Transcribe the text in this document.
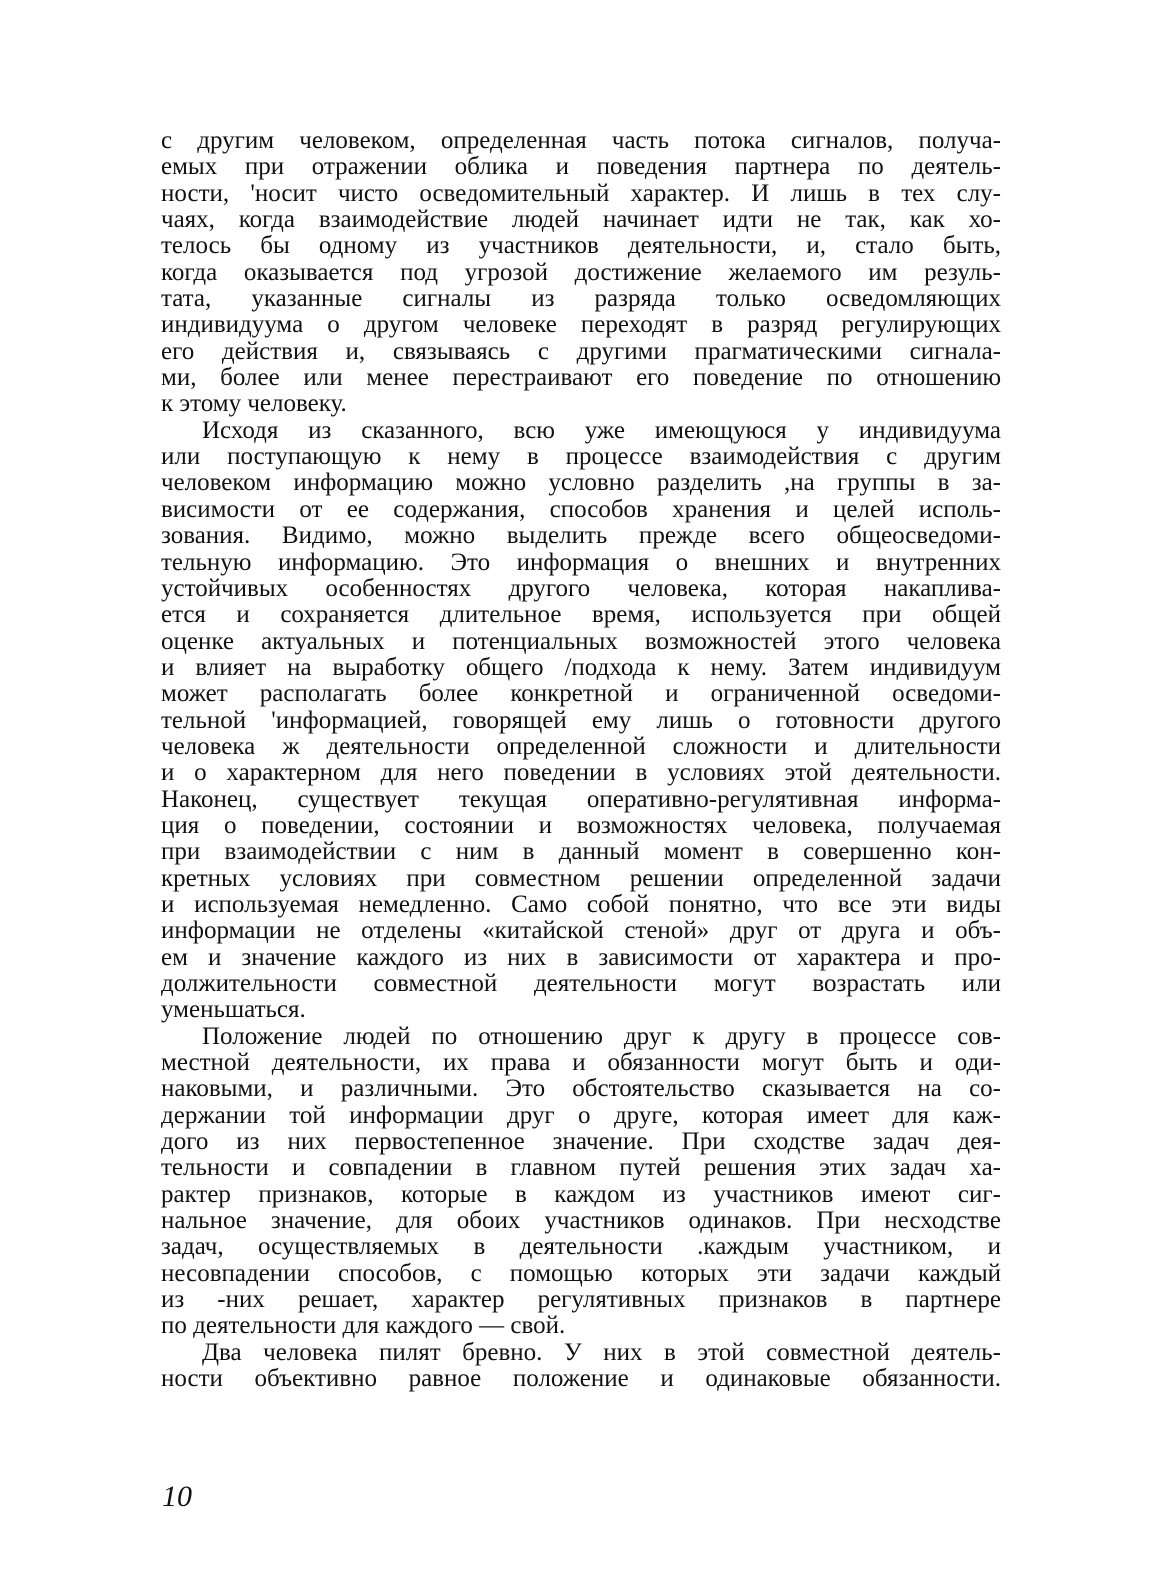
с другим человеком, определенная часть потока сигналов, получа-
емых при отражении облика и поведения партнера по деятель-
ности, 'носит чисто осведомительный характер. И лишь в тех слу-
чаях, когда взаимодействие людей начинает идти не так, как хо-
телось бы одному из участников деятельности, и, стало быть,
когда оказывается под угрозой достижение желаемого им резуль-
тата, указанные сигналы из разряда только осведомляющих
индивидуума о другом человеке переходят в разряд регулирующих
его действия и, связываясь с другими прагматическими сигнала-
ми, более или менее перестраивают его поведение по отношению
к этому человеку.
Исходя из сказанного, всю уже имеющуюся у индивидуума
или поступающую к нему в процессе взаимодействия с другим
человеком информацию можно условно разделить ,на группы в за-
висимости от ее содержания, способов хранения и целей исполь-
зования. Видимо, можно выделить прежде всего общеосведоми-
тельную информацию. Это информация о внешних и внутренних
устойчивых особенностях другого человека, которая накаплива-
ется и сохраняется длительное время, используется при общей
оценке актуальных и потенциальных возможностей этого человека
и влияет на выработку общего /подхода к нему. Затем индивидуум
может располагать более конкретной и ограниченной осведоми-
тельной 'информацией, говорящей ему лишь о готовности другого
человека ж деятельности определенной сложности и длительности
и о характерном для него поведении в условиях этой деятельности.
Наконец, существует текущая оперативно-регулятивная информа-
ция о поведении, состоянии и возможностях человека, получаемая
при взаимодействии с ним в данный момент в совершенно кон-
кретных условиях при совместном решении определенной задачи
и используемая немедленно. Само собой понятно, что все эти виды
информации не отделены «китайской стеной» друг от друга и объ-
ем и значение каждого из них в зависимости от характера и про-
должительности совместной деятельности могут возрастать или
уменьшаться.
Положение людей по отношению друг к другу в процессе сов-
местной деятельности, их права и обязанности могут быть и оди-
наковыми, и различными. Это обстоятельство сказывается на со-
держании той информации друг о друге, которая имеет для каж-
дого из них первостепенное значение. При сходстве задач дея-
тельности и совпадении в главном путей решения этих задач ха-
рактер признаков, которые в каждом из участников имеют сиг-
нальное значение, для обоих участников одинаков. При несходстве
задач, осуществляемых в деятельности .каждым участником, и
несовпадении способов, с помощью которых эти задачи каждый
из -них решает, характер регулятивных признаков в партнере
по деятельности для каждого — свой.
Два человека пилят бревно. У них в этой совместной деятель-
ности объективно равное положение и одинаковые обязанности.
10
